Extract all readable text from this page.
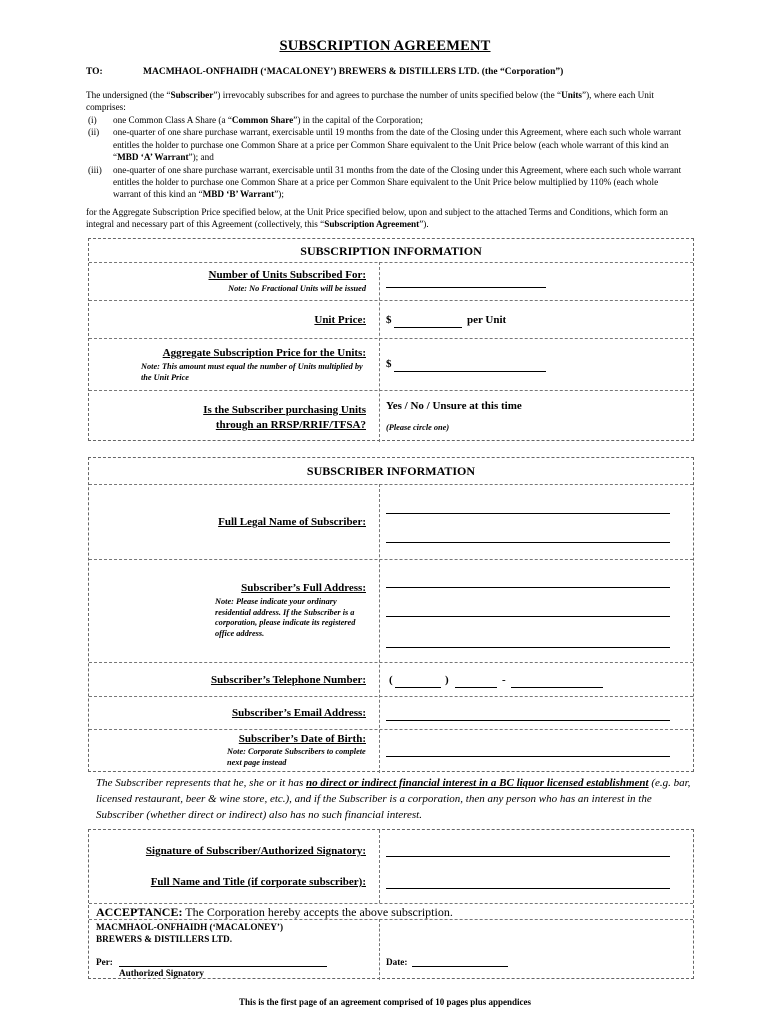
SUBSCRIPTION AGREEMENT
TO:	MACMHAOL-ONFHAIDH (‘MACALONEY’) BREWERS & DISTILLERS LTD. (the “Corporation”)
The undersigned (the “Subscriber”) irrevocably subscribes for and agrees to purchase the number of units specified below (the “Units”), where each Unit comprises:
(i) one Common Class A Share (a “Common Share”) in the capital of the Corporation;
(ii) one-quarter of one share purchase warrant, exercisable until 19 months from the date of the Closing under this Agreement, where each such whole warrant entitles the holder to purchase one Common Share at a price per Common Share equivalent to the Unit Price below (each whole warrant of this kind an “MBD ‘A’ Warrant”); and
(iii) one-quarter of one share purchase warrant, exercisable until 31 months from the date of the Closing under this Agreement, where each such whole warrant entitles the holder to purchase one Common Share at a price per Common Share equivalent to the Unit Price below multiplied by 110% (each whole warrant of this kind an “MBD ‘B’ Warrant”);
for the Aggregate Subscription Price specified below, at the Unit Price specified below, upon and subject to the attached Terms and Conditions, which form an integral and necessary part of this Agreement (collectively, this “Subscription Agreement”).
SUBSCRIPTION INFORMATION
Number of Units Subscribed For:
Note: No Fractional Units will be issued
Unit Price: $	per Unit
Aggregate Subscription Price for the Units:
Note: This amount must equal the number of Units multiplied by the Unit Price
$
Is the Subscriber purchasing Units
through an RRSP/RRIF/TFSA?
Yes / No / Unsure at this time
(Please circle one)
SUBSCRIBER INFORMATION
Full Legal Name of Subscriber:
Subscriber’s Full Address:
Note: Please indicate your ordinary residential address. If the Subscriber is a corporation, please indicate its registered office address.
Subscriber’s Telephone Number: (	)	-
Subscriber’s Email Address:
Subscriber’s Date of Birth:
Note: Corporate Subscribers to complete next page instead
The Subscriber represents that he, she or it has no direct or indirect financial interest in a BC liquor licensed establishment (e.g. bar, licensed restaurant, beer & wine store, etc.), and if the Subscriber is a corporation, then any person who has an interest in the Subscriber (whether direct or indirect) also has no such financial interest.
Signature of Subscriber/Authorized Signatory:
Full Name and Title (if corporate subscriber):
ACCEPTANCE: The Corporation hereby accepts the above subscription.
MACMHAOL-ONFHAIDH (‘MACALONEY’)
BREWERS & DISTILLERS LTD.
Per:
Authorized Signatory
Date:
This is the first page of an agreement comprised of 10 pages plus appendices
